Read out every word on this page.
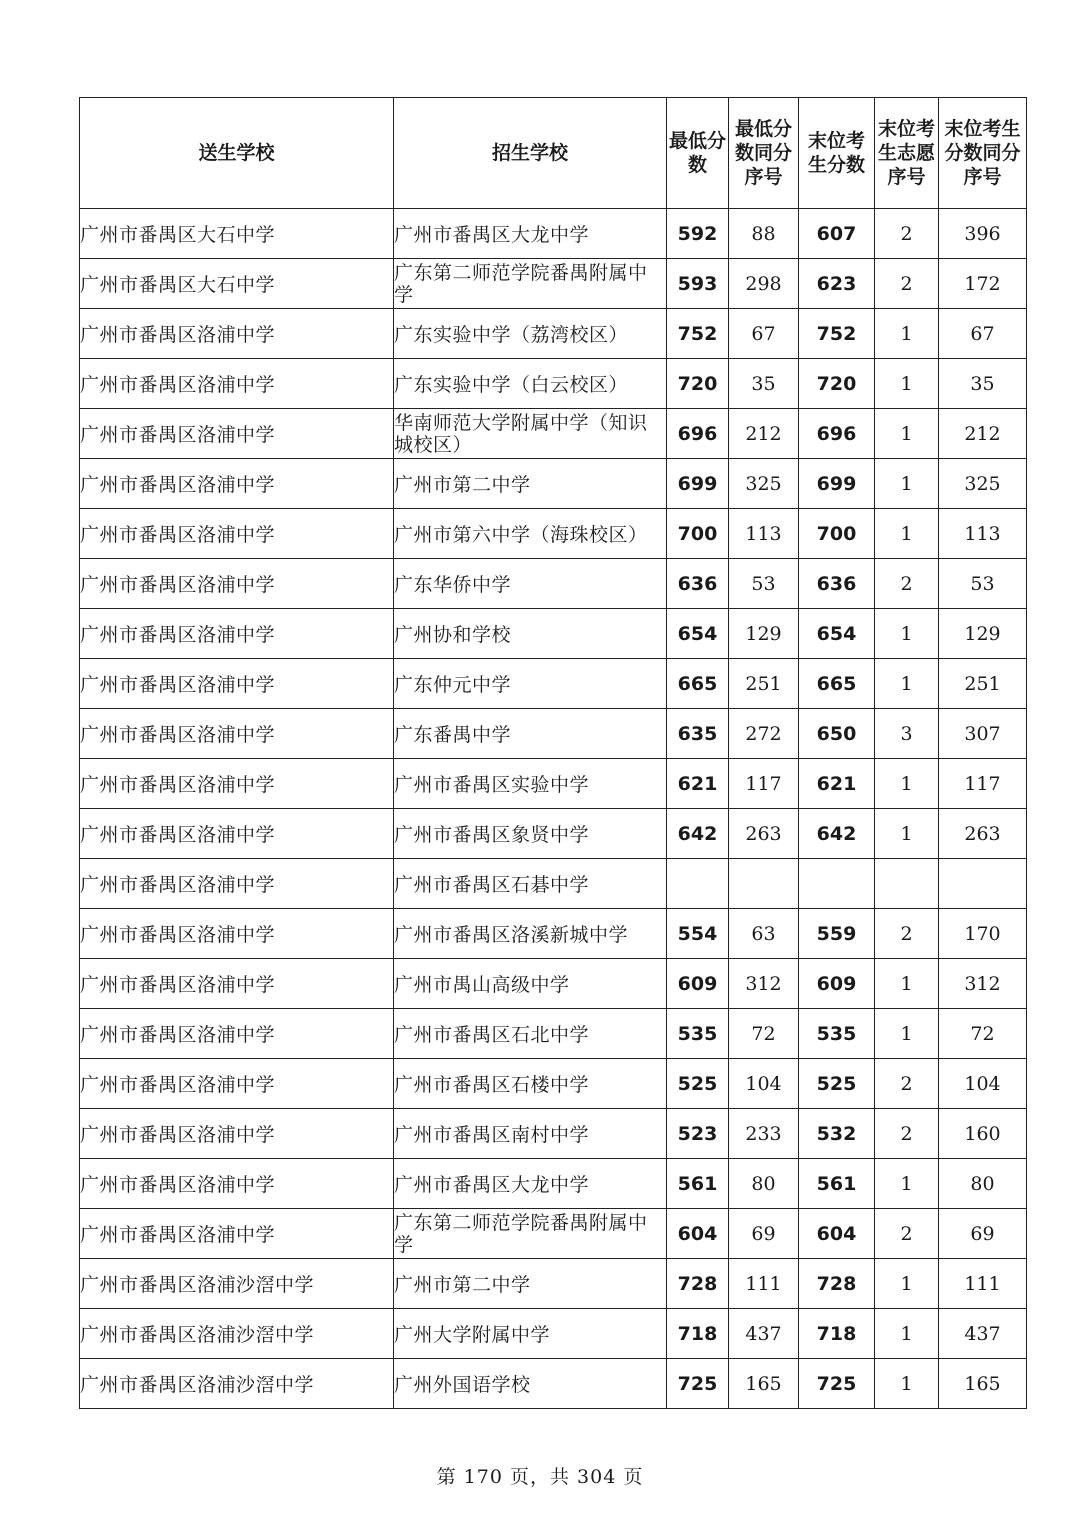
送生学校	招生学校	最低分数	最低分数同分序号	末位考生分数	末位考生志愿序号	末位考生分数同分序号
广州市番禺区大石中学	广州市番禺区大龙中学	592	88	607	2	396
广州市番禺区大石中学	广东第二师范学院番禺附属中学	593	298	623	2	172
广州市番禺区洛浦中学	广东实验中学（荔湾校区）	752	67	752	1	67
广州市番禺区洛浦中学	广东实验中学（白云校区）	720	35	720	1	35
广州市番禺区洛浦中学	华南师范大学附属中学（知识城校区）	696	212	696	1	212
广州市番禺区洛浦中学	广州市第二中学	699	325	699	1	325
广州市番禺区洛浦中学	广州市第六中学（海珠校区）	700	113	700	1	113
广州市番禺区洛浦中学	广东华侨中学	636	53	636	2	53
广州市番禺区洛浦中学	广州协和学校	654	129	654	1	129
广州市番禺区洛浦中学	广东仲元中学	665	251	665	1	251
广州市番禺区洛浦中学	广东番禺中学	635	272	650	3	307
广州市番禺区洛浦中学	广州市番禺区实验中学	621	117	621	1	117
广州市番禺区洛浦中学	广州市番禺区象贤中学	642	263	642	1	263
广州市番禺区洛浦中学	广州市番禺区石碁中学					
广州市番禺区洛浦中学	广州市番禺区洛溪新城中学	554	63	559	2	170
广州市番禺区洛浦中学	广州市禺山高级中学	609	312	609	1	312
广州市番禺区洛浦中学	广州市番禺区石北中学	535	72	535	1	72
广州市番禺区洛浦中学	广州市番禺区石楼中学	525	104	525	2	104
广州市番禺区洛浦中学	广州市番禺区南村中学	523	233	532	2	160
广州市番禺区洛浦中学	广州市番禺区大龙中学	561	80	561	1	80
广州市番禺区洛浦中学	广东第二师范学院番禺附属中学	604	69	604	2	69
广州市番禺区洛浦沙滘中学	广州市第二中学	728	111	728	1	111
广州市番禺区洛浦沙滘中学	广州大学附属中学	718	437	718	1	437
广州市番禺区洛浦沙滘中学	广州外国语学校	725	165	725	1	165
第 170 页，共 304 页
